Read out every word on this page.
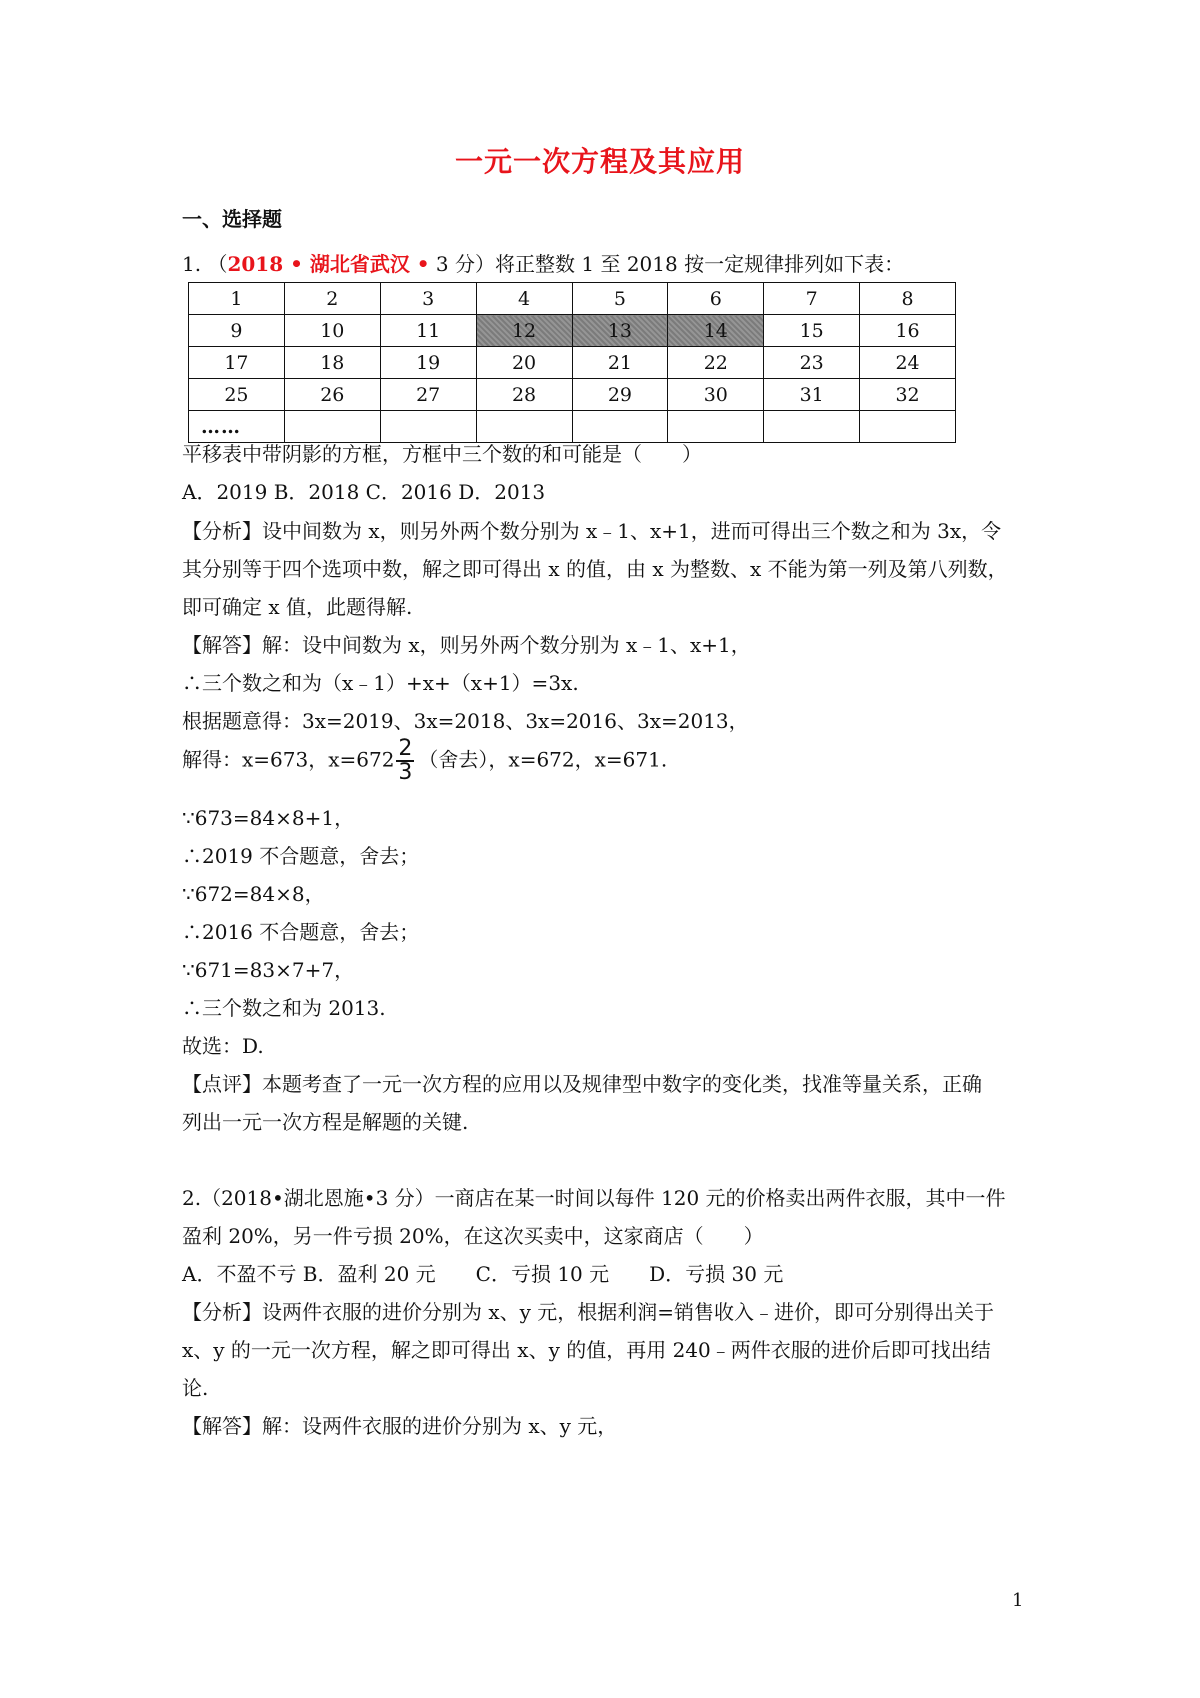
一元一次方程及其应用
一、选择题
1. （2018 • 湖北省武汉 • 3 分）将正整数 1 至 2018 按一定规律排列如下表：
1	2	3	4	5	6	7	8
9	10	11	12	13	14	15	16
17	18	19	20	21	22	23	24
25	26	27	28	29	30	31	32
……							
平移表中带阴影的方框，方框中三个数的和可能是（　　）
A．2019 B．2018 C．2016 D．2013
【分析】设中间数为 x，则另外两个数分别为 x﹣1、x+1，进而可得出三个数之和为 3x，令
其分别等于四个选项中数，解之即可得出 x 的值，由 x 为整数、x 不能为第一列及第八列数，
即可确定 x 值，此题得解.
【解答】解：设中间数为 x，则另外两个数分别为 x﹣1、x+1，
∴三个数之和为（x﹣1）+x+（x+1）=3x.
根据题意得：3x=2019、3x=2018、3x=2016、3x=2013，
解得：x=673，$x=672 \frac{2}{3}$ （舍去），x=672，x=671.
∵673=84×8+1，
∴2019 不合题意，舍去；
∵672=84×8，
∴2016 不合题意，舍去；
∵671=83×7+7，
∴三个数之和为 2013.
故选：D.
【点评】本题考查了一元一次方程的应用以及规律型中数字的变化类，找准等量关系，正确
列出一元一次方程是解题的关键.
2.（2018•湖北恩施•3 分）一商店在某一时间以每件 120 元的价格卖出两件衣服，其中一件
盈利 20%，另一件亏损 20%，在这次买卖中，这家商店（　　）
A．不盈不亏 B．盈利 20 元　　C．亏损 10 元　　D．亏损 30 元
【分析】设两件衣服的进价分别为 x、y 元，根据利润=销售收入﹣进价，即可分别得出关于
x、y 的一元一次方程，解之即可得出 x、y 的值，再用 240﹣两件衣服的进价后即可找出结
论.
【解答】解：设两件衣服的进价分别为 x、y 元，
1
